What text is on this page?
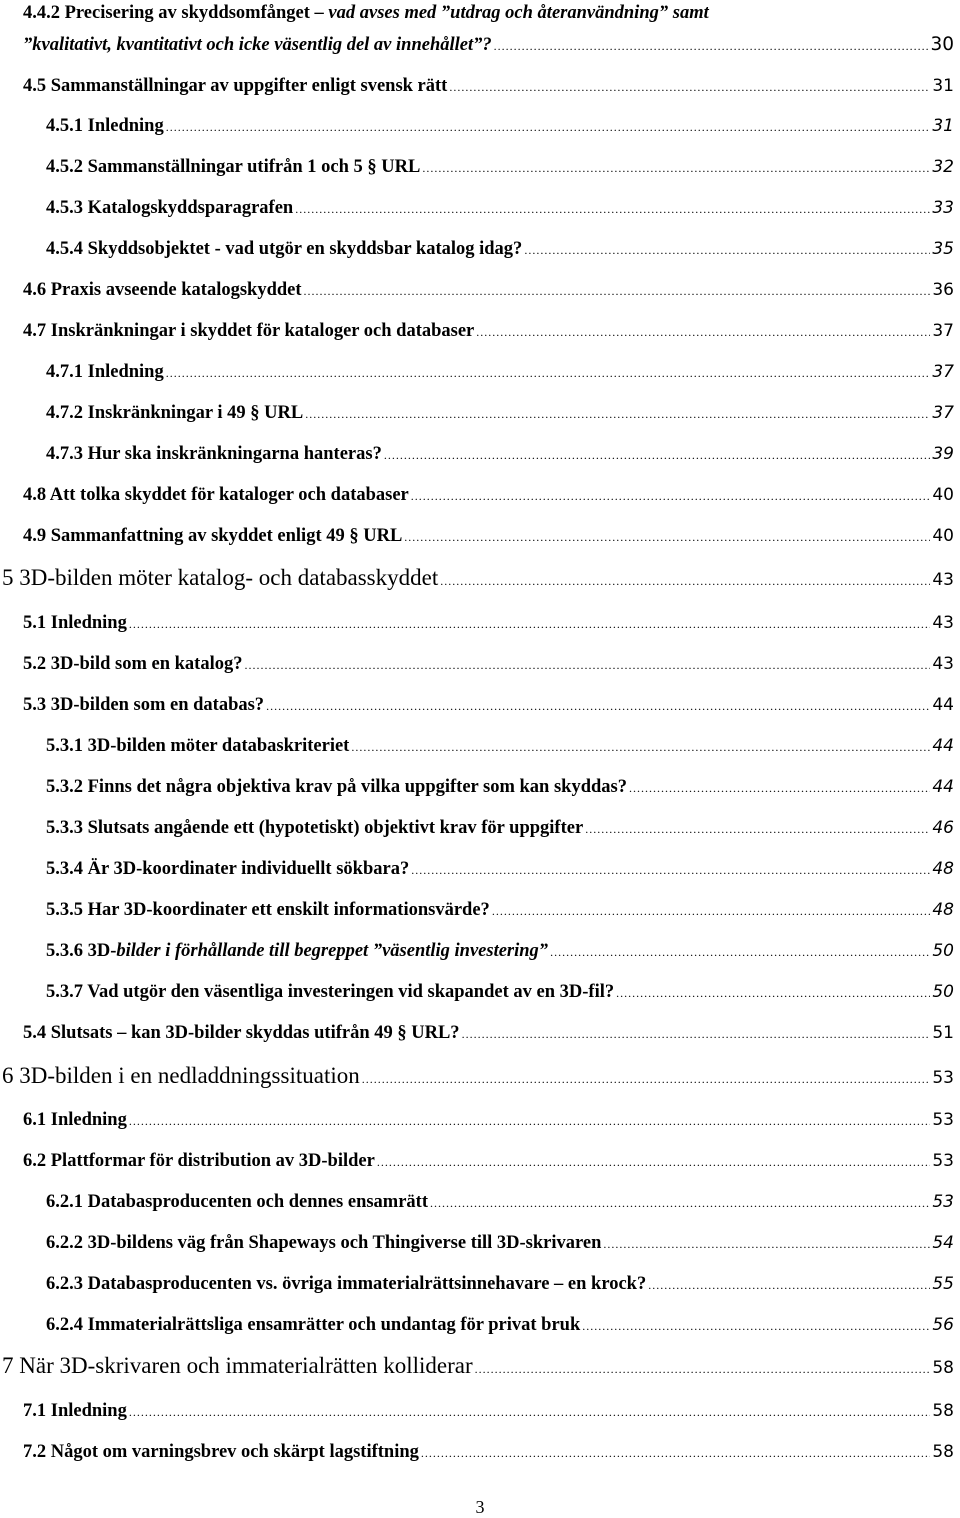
4.4.2 Precisering av skyddsomfånget – vad avses med ”utdrag och återanvändning” samt
”kvalitativt, kvantitativt och icke väsentlig del av innehållet”? .....	30
4.5 Sammanställningar av uppgifter enligt svensk rätt .....	31
4.5.1 Inledning .....	31
4.5.2 Sammanställningar utifrån 1 och 5 § URL .....	32
4.5.3 Katalogskyddsparagrafen .....	33
4.5.4 Skyddsobjektet - vad utgör en skyddsbar katalog idag? .....	35
4.6 Praxis avseende katalogskyddet .....	36
4.7 Inskränkningar i skyddet för kataloger och databaser .....	37
4.7.1 Inledning .....	37
4.7.2 Inskränkningar i 49 § URL .....	37
4.7.3 Hur ska inskränkningarna hanteras? .....	39
4.8 Att tolka skyddet för kataloger och databaser .....	40
4.9 Sammanfattning av skyddet enligt 49 § URL .....	40
5 3D-bilden möter katalog- och databasskyddet .....	43
5.1 Inledning .....	43
5.2 3D-bild som en katalog? .....	43
5.3 3D-bilden som en databas? .....	44
5.3.1 3D-bilden möter databaskriteriet .....	44
5.3.2 Finns det några objektiva krav på vilka uppgifter som kan skyddas? .....	44
5.3.3 Slutsats angående ett (hypotetiskt) objektivt krav för uppgifter .....	46
5.3.4 Är 3D-koordinater individuellt sökbara? .....	48
5.3.5 Har 3D-koordinater ett enskilt informationsvärde? .....	48
5.3.6 3D-bilder i förhållande till begreppet ”väsentlig investering” .....	50
5.3.7 Vad utgör den väsentliga investeringen vid skapandet av en 3D-fil? .....	50
5.4 Slutsats – kan 3D-bilder skyddas utifrån 49 § URL? .....	51
6 3D-bilden i en nedladdningssituation .....	53
6.1 Inledning .....	53
6.2 Plattformar för distribution av 3D-bilder .....	53
6.2.1 Databasproducenten och dennes ensamrätt .....	53
6.2.2 3D-bildens väg från Shapeways och Thingiverse till 3D-skrivaren .....	54
6.2.3 Databasproducenten vs. övriga immaterialrättsinnehavare – en krock? .....	55
6.2.4 Immaterialrättsliga ensamrätter och undantag för privat bruk .....	56
7 När 3D-skrivaren och immaterialrätten kolliderar .....	58
7.1 Inledning .....	58
7.2 Något om varningsbrev och skärpt lagstiftning .....	58
3
